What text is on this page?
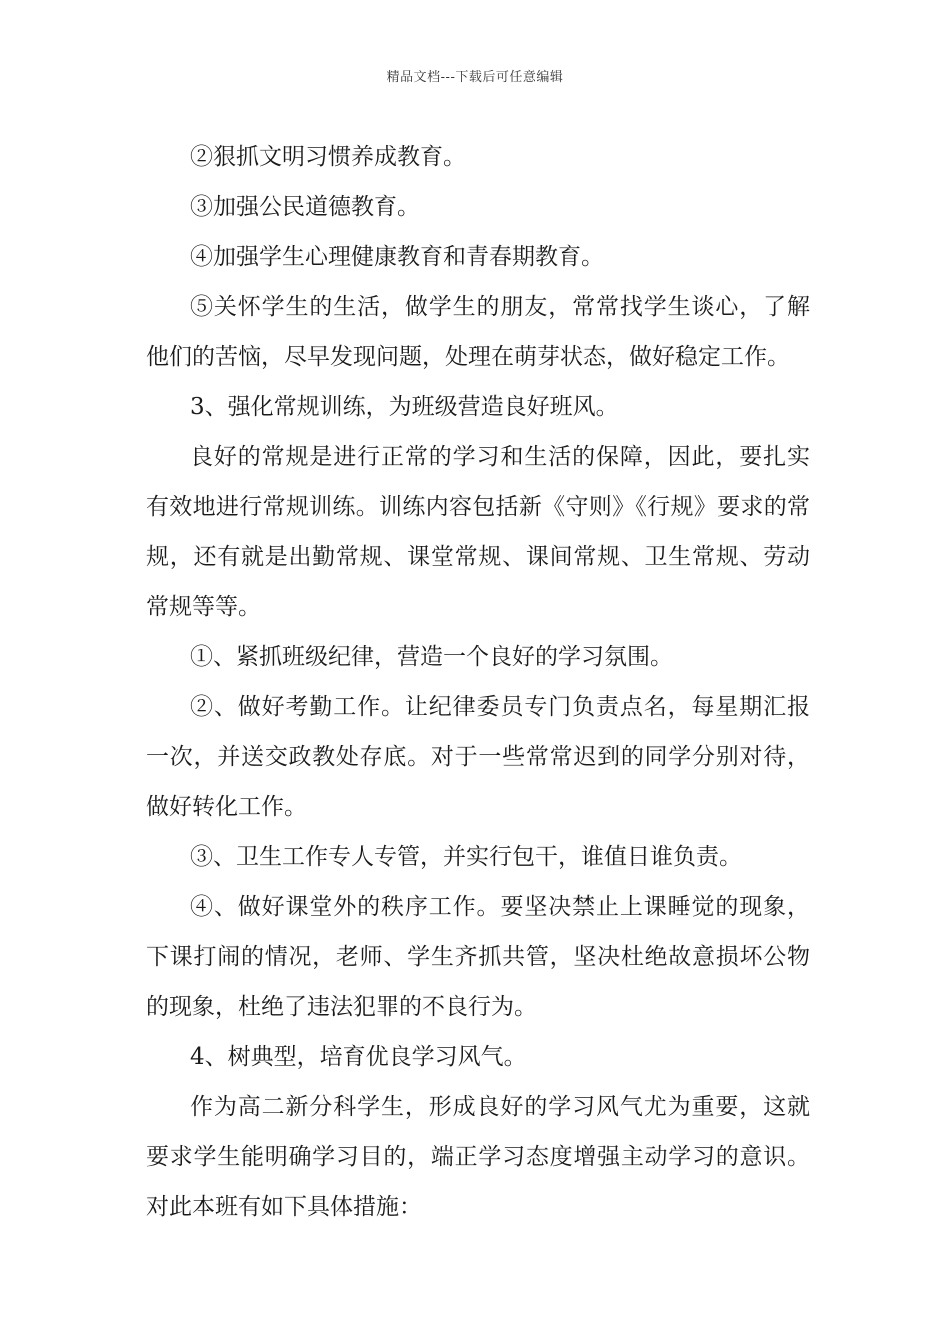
精品文档---下载后可任意编辑

②狠抓文明习惯养成教育。

③加强公民道德教育。

④加强学生心理健康教育和青春期教育。

⑤关怀学生的生活，做学生的朋友，常常找学生谈心，了解他们的苦恼，尽早发现问题，处理在萌芽状态，做好稳定工作。

3、强化常规训练，为班级营造良好班风。

良好的常规是进行正常的学习和生活的保障，因此，要扎实有效地进行常规训练。训练内容包括新《守则》《行规》要求的常规，还有就是出勤常规、课堂常规、课间常规、卫生常规、劳动常规等等。

①、紧抓班级纪律，营造一个良好的学习氛围。

②、做好考勤工作。让纪律委员专门负责点名，每星期汇报一次，并送交政教处存底。对于一些常常迟到的同学分别对待，做好转化工作。

③、卫生工作专人专管，并实行包干，谁值日谁负责。

④、做好课堂外的秩序工作。要坚决禁止上课睡觉的现象，下课打闹的情况，老师、学生齐抓共管，坚决杜绝故意损坏公物的现象，杜绝了违法犯罪的不良行为。

4、树典型，培育优良学习风气。

作为高二新分科学生，形成良好的学习风气尤为重要，这就要求学生能明确学习目的，端正学习态度增强主动学习的意识。对此本班有如下具体措施：
